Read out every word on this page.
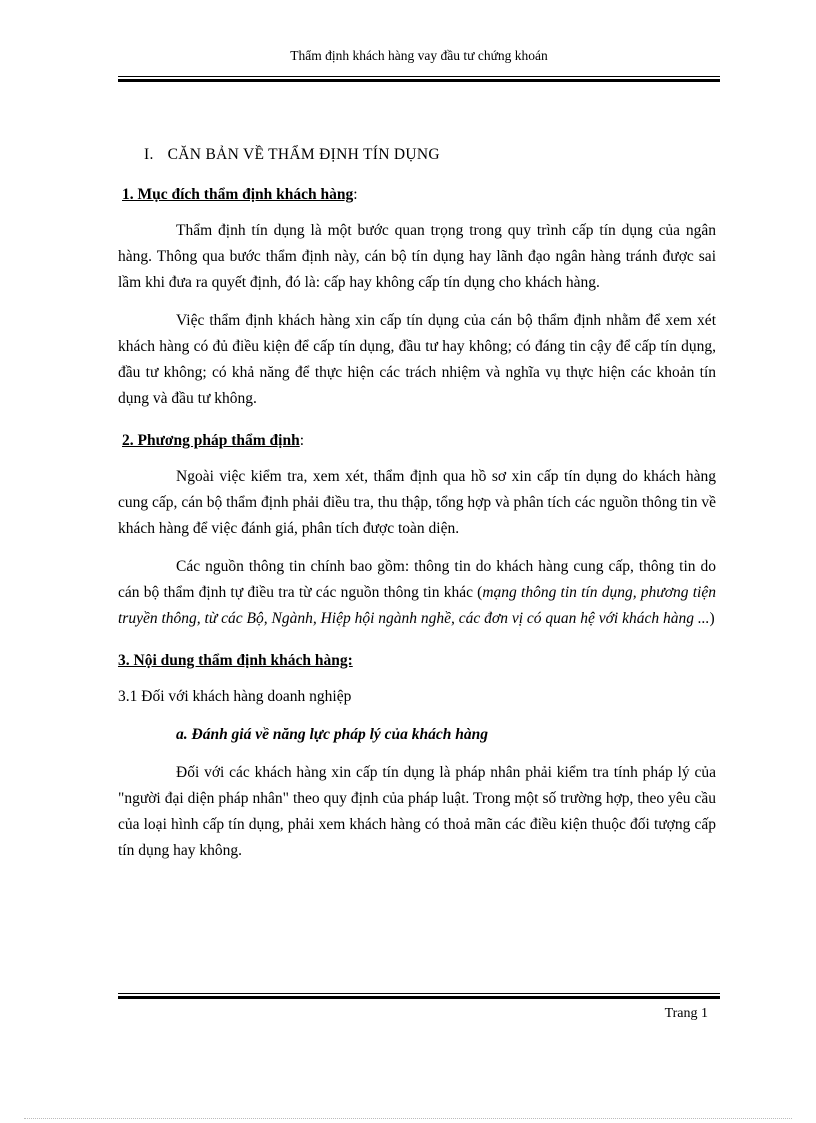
Thẩm định khách hàng vay đầu tư chứng khoán
I. CĂN BẢN VỀ THẨM ĐỊNH TÍN DỤNG
1. Mục đích thẩm định khách hàng:

Thẩm định tín dụng là một bước quan trọng trong quy trình cấp tín dụng của ngân hàng. Thông qua bước thẩm định này, cán bộ tín dụng hay lãnh đạo ngân hàng tránh được sai lầm khi đưa ra quyết định, đó là: cấp hay không cấp tín dụng cho khách hàng.

Việc thẩm định khách hàng xin cấp tín dụng của cán bộ thẩm định nhằm để xem xét khách hàng có đủ điều kiện để cấp tín dụng, đầu tư hay không; có đáng tin cậy để cấp tín dụng, đầu tư không; có khả năng để thực hiện các trách nhiệm và nghĩa vụ thực hiện các khoản tín dụng và đầu tư không.

2. Phương pháp thẩm định:

Ngoài việc kiểm tra, xem xét, thẩm định qua hồ sơ xin cấp tín dụng do khách hàng cung cấp, cán bộ thẩm định phải điều tra, thu thập, tổng hợp và phân tích các nguồn thông tin về khách hàng để việc đánh giá, phân tích được toàn diện.

Các nguồn thông tin chính bao gồm: thông tin do khách hàng cung cấp, thông tin do cán bộ thẩm định tự điều tra từ các nguồn thông tin khác (mạng thông tin tín dụng, phương tiện truyền thông, từ các Bộ, Ngành, Hiệp hội ngành nghề, các đơn vị có quan hệ với khách hàng ...)

3. Nội dung thẩm định khách hàng:
3.1 Đối với khách hàng doanh nghiệp
a. Đánh giá về năng lực pháp lý của khách hàng

Đối với các khách hàng xin cấp tín dụng là pháp nhân phải kiểm tra tính pháp lý của "người đại diện pháp nhân" theo quy định của pháp luật. Trong một số trường hợp, theo yêu cầu của loại hình cấp tín dụng, phải xem khách hàng có thoả mãn các điều kiện thuộc đối tượng cấp tín dụng hay không.

Trang 1
